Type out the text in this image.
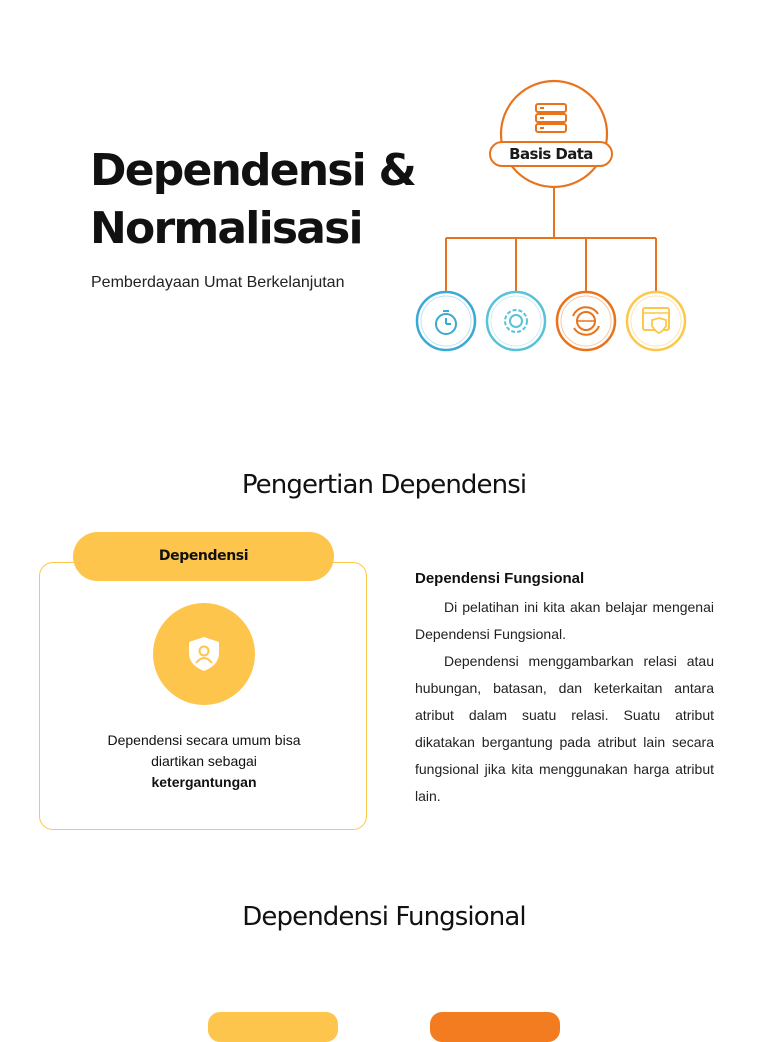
Dependensi &
Normalisasi
Pemberdayaan Umat Berkelanjutan
Basis Data
Pengertian Dependensi
Dependensi
Dependensi secara umum bisa diartikan sebagai ketergantungan
Dependensi Fungsional

Di pelatihan ini kita akan belajar mengenai Dependensi Fungsional.

Dependensi menggambarkan relasi atau hubungan, batasan, dan keterkaitan antara atribut dalam suatu relasi. Suatu atribut dikatakan bergantung pada atribut lain secara fungsional jika kita menggunakan harga atribut lain.

Dependensi Fungsional
